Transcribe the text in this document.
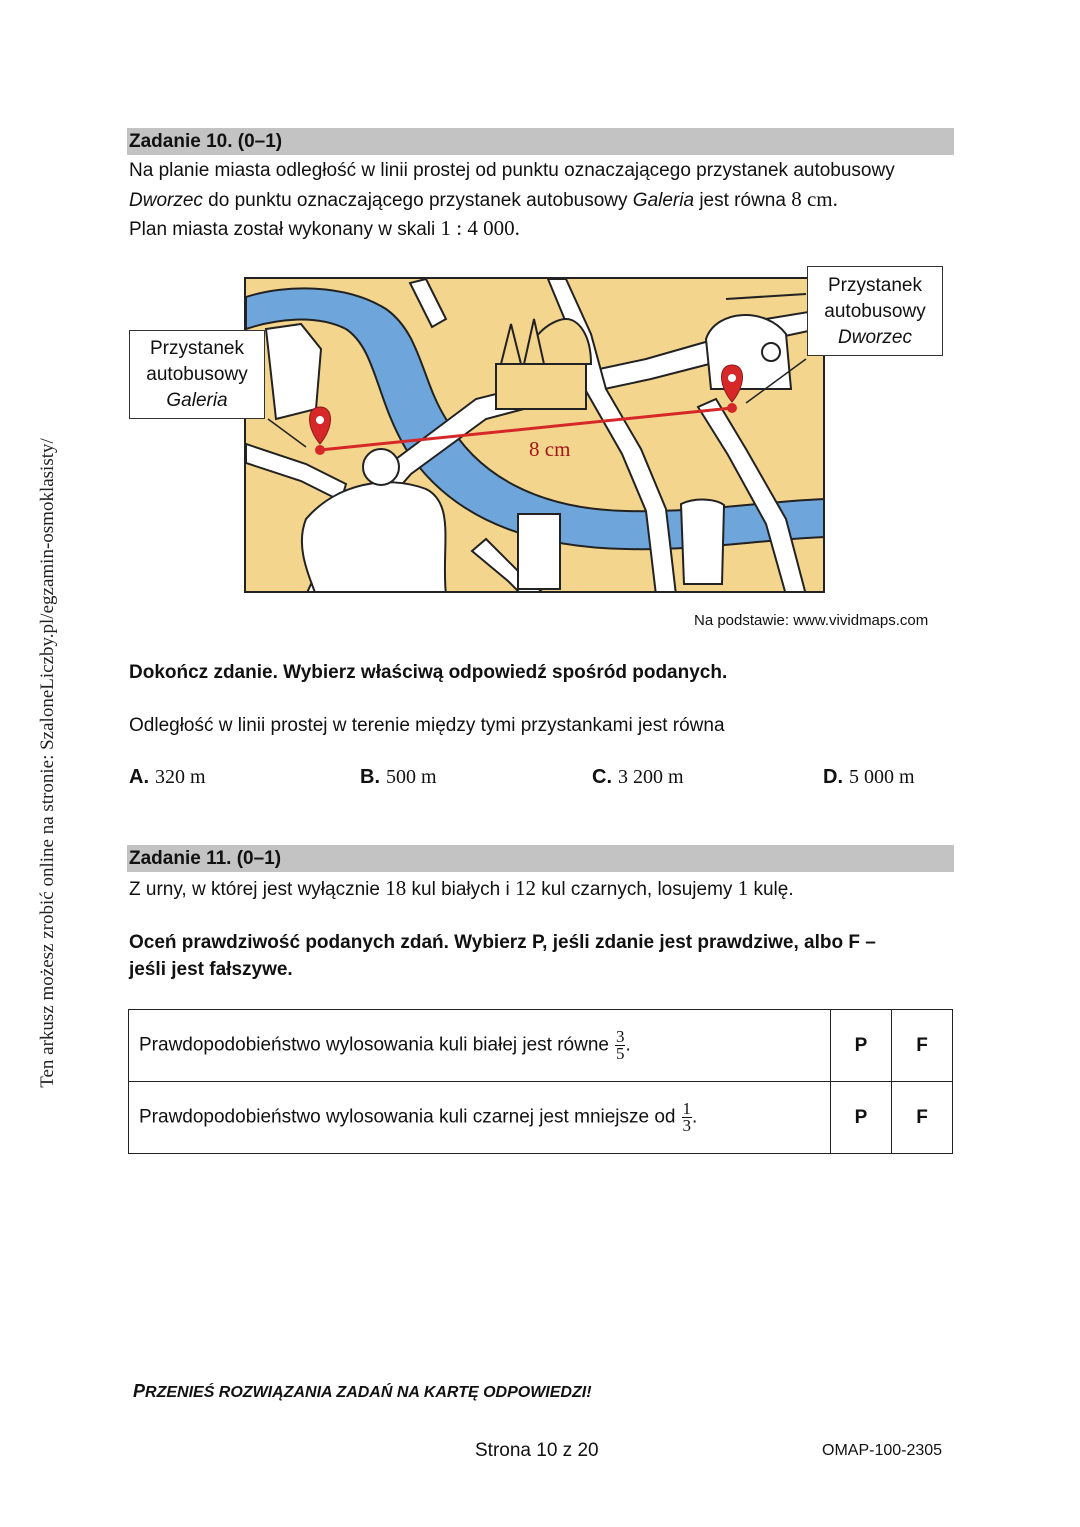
Ten arkusz możesz zrobić online na stronie: SzaloneLiczby.pl/egzamin-osmoklasisty/
Zadanie 10. (0–1)
Na planie miasta odległość w linii prostej od punktu oznaczającego przystanek autobusowy
Dworzec do punktu oznaczającego przystanek autobusowy Galeria jest równa 8 cm.
Plan miasta został wykonany w skali 1 : 4 000.
8 cm
Przystanek
autobusowy
Galeria
Przystanek
autobusowy
Dworzec
Na podstawie: www.vividmaps.com
Dokończ zdanie. Wybierz właściwą odpowiedź spośród podanych.
Odległość w linii prostej w terenie między tymi przystankami jest równa
A. 320 m	B. 500 m	C. 3 200 m	D. 5 000 m
Zadanie 11. (0–1)
Z urny, w której jest wyłącznie 18 kul białych i 12 kul czarnych, losujemy 1 kulę.
Oceń prawdziwość podanych zdań. Wybierz P, jeśli zdanie jest prawdziwe, albo F –
jeśli jest fałszywe.
Prawdopodobieństwo wylosowania kuli białej jest równe $\frac{3}{5}$ .	P	F
Prawdopodobieństwo wylosowania kuli czarnej jest mniejsze od $\frac{1}{3}$ .	P	F
PRZENIEŚ ROZWIĄZANIA ZADAŃ NA KARTĘ ODPOWIEDZI!
Strona 10 z 20	OMAP-100-2305
